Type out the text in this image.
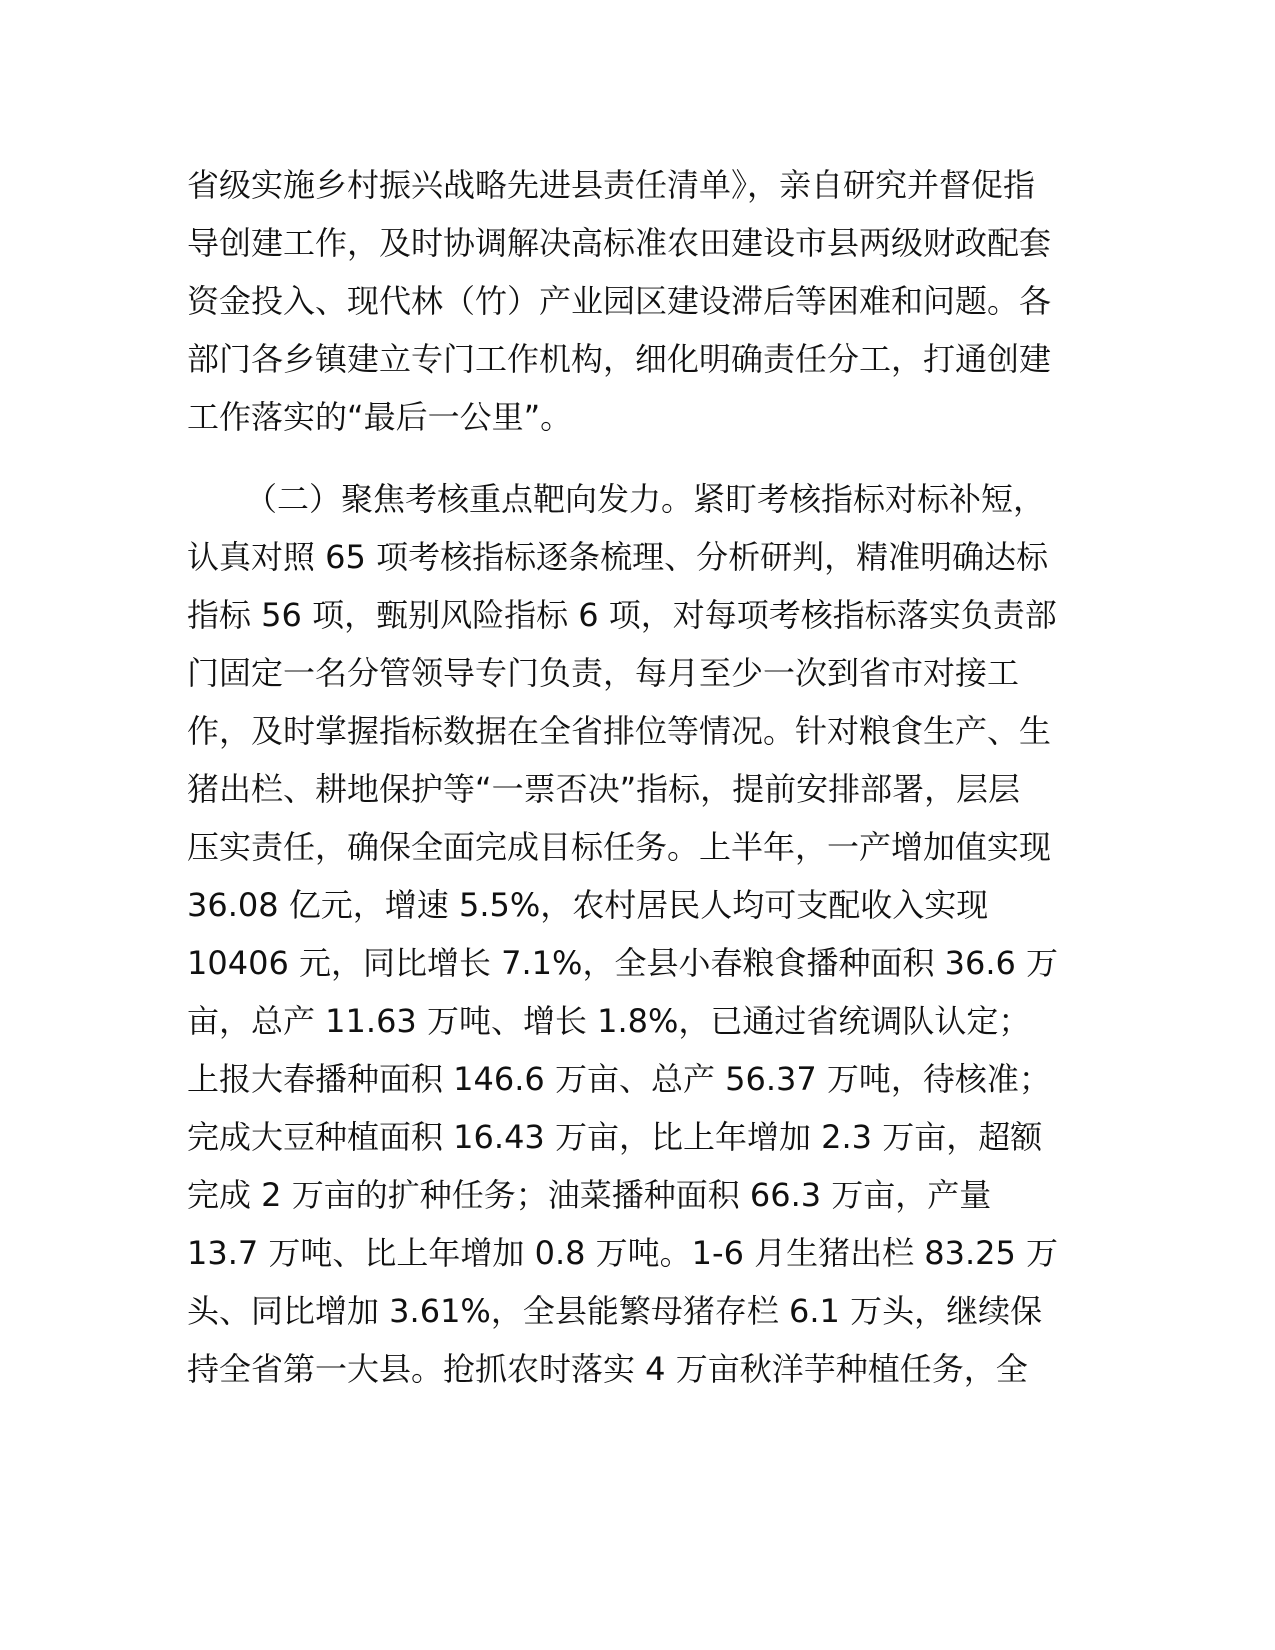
省级实施乡村振兴战略先进县责任清单》，亲自研究并督促指
导创建工作，及时协调解决高标准农田建设市县两级财政配套
资金投入、现代林（竹）产业园区建设滞后等困难和问题。各
部门各乡镇建立专门工作机构，细化明确责任分工，打通创建
工作落实的“最后一公里”。
（二）聚焦考核重点靶向发力。紧盯考核指标对标补短，
认真对照 65 项考核指标逐条梳理、分析研判，精准明确达标
指标 56 项，甄别风险指标 6 项，对每项考核指标落实负责部
门固定一名分管领导专门负责，每月至少一次到省市对接工
作，及时掌握指标数据在全省排位等情况。针对粮食生产、生
猪出栏、耕地保护等“一票否决”指标，提前安排部署，层层
压实责任，确保全面完成目标任务。上半年，一产增加值实现
36.08 亿元，增速 5.5%，农村居民人均可支配收入实现
10406 元，同比增长 7.1%，全县小春粮食播种面积 36.6 万
亩，总产 11.63 万吨、增长 1.8%，已通过省统调队认定；
上报大春播种面积 146.6 万亩、总产 56.37 万吨，待核准；
完成大豆种植面积 16.43 万亩，比上年增加 2.3 万亩，超额
完成 2 万亩的扩种任务；油菜播种面积 66.3 万亩，产量
13.7 万吨、比上年增加 0.8 万吨。1-6 月生猪出栏 83.25 万
头、同比增加 3.61%，全县能繁母猪存栏 6.1 万头，继续保
持全省第一大县。抢抓农时落实 4 万亩秋洋芋种植任务，全
